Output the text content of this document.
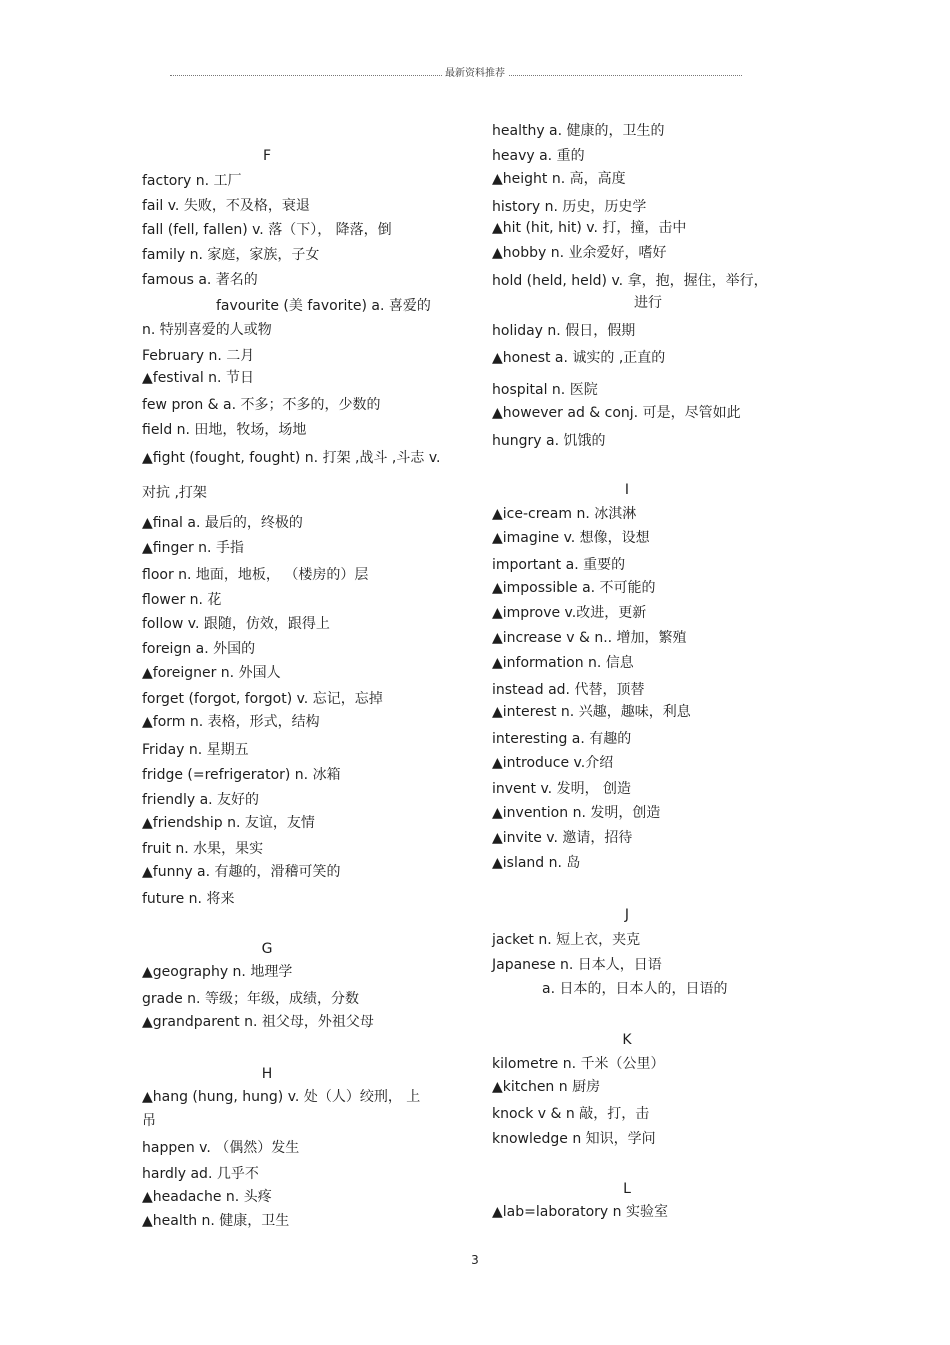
最新资料推荐
F
factory n. 工厂
fail v. 失败，不及格，衰退
fall (fell, fallen) v. 落（下）， 降落，倒
family n. 家庭，家族，子女
famous a. 著名的
favourite (美 favorite) a. 喜爱的
n. 特别喜爱的人或物
February n. 二月
▲festival n. 节日
few pron & a. 不多；不多的，少数的
field n. 田地，牧场，场地
▲fight (fought, fought) n. 打架 ,战斗 ,斗志 v.
对抗 ,打架
▲final a. 最后的，终极的
▲finger n. 手指
floor n. 地面，地板， （楼房的）层
flower n. 花
follow v. 跟随，仿效，跟得上
foreign a. 外国的
▲foreigner n. 外国人
forget (forgot, forgot) v. 忘记，忘掉
▲form n. 表格，形式，结构
Friday n. 星期五
fridge (=refrigerator) n. 冰箱
friendly a. 友好的
▲friendship n. 友谊，友情
fruit n. 水果，果实
▲funny a. 有趣的，滑稽可笑的
future n. 将来
G
▲geography n. 地理学
grade n. 等级；年级，成绩，分数
▲grandparent n. 祖父母，外祖父母
H
▲hang (hung, hung) v. 处（人）绞刑， 上
吊
happen v. （偶然）发生
hardly ad. 几乎不
▲headache n. 头疼
▲health n. 健康，卫生
healthy a. 健康的，卫生的
heavy a. 重的
▲height n. 高，高度
history n. 历史，历史学
▲hit (hit, hit) v. 打，撞，击中
▲hobby n. 业余爱好，嗜好
hold (held, held) v. 拿，抱，握住，举行，
进行
holiday n. 假日，假期
▲honest a. 诚实的 ,正直的
hospital n. 医院
▲however ad & conj. 可是，尽管如此
hungry a. 饥饿的
I
▲ice-cream n. 冰淇淋
▲imagine v. 想像，设想
important a. 重要的
▲impossible a. 不可能的
▲improve v.改进，更新
▲increase v & n.. 增加，繁殖
▲information n. 信息
instead ad. 代替，顶替
▲interest n. 兴趣，趣味，利息
interesting a. 有趣的
▲introduce v.介绍
invent v. 发明， 创造
▲invention n. 发明，创造
▲invite v. 邀请，招待
▲island n. 岛
J
jacket n. 短上衣，夹克
Japanese n. 日本人，日语
a. 日本的，日本人的，日语的
K
kilometre n. 千米（公里）
▲kitchen n 厨房
knock v & n 敲，打，击
knowledge n 知识，学问
L
▲lab=laboratory n 实验室
3
